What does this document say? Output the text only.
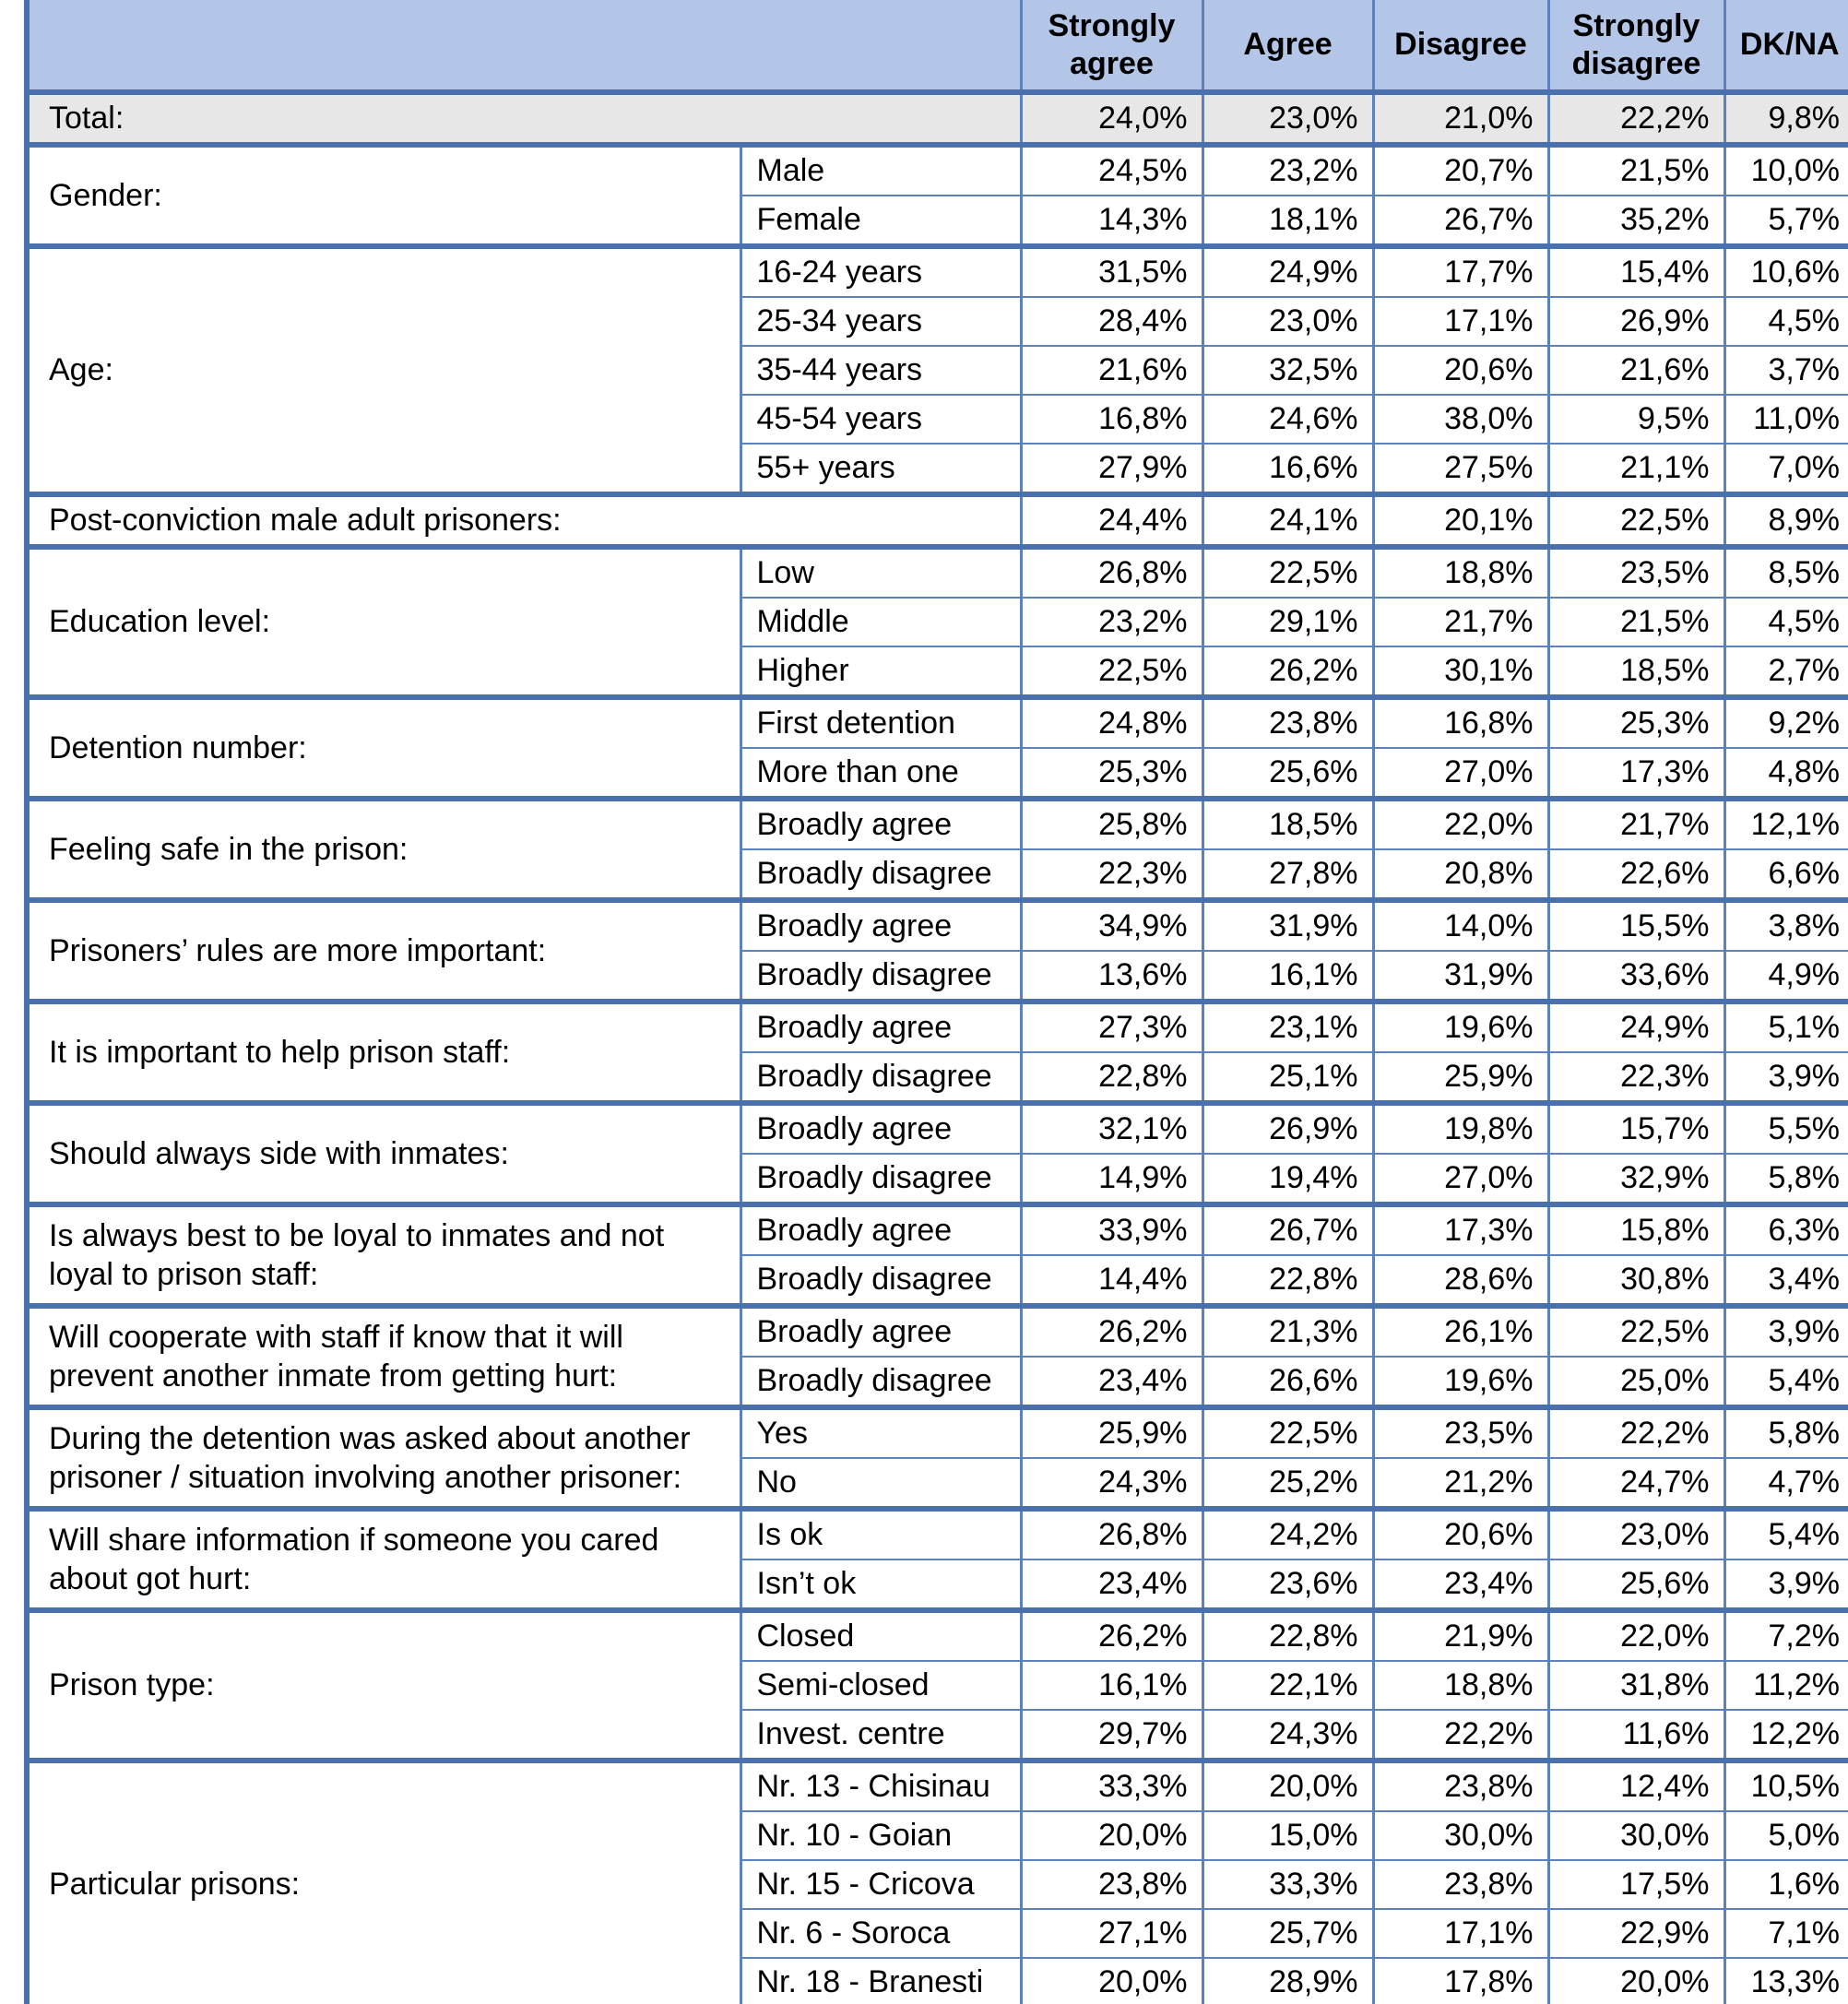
		Strongly agree	Agree	Disagree	Strongly disagree	DK/NA
Total:		24,0%	23,0%	21,0%	22,2%	9,8%
Gender:	Male	24,5%	23,2%	20,7%	21,5%	10,0%
	Female	14,3%	18,1%	26,7%	35,2%	5,7%
Age:	16-24 years	31,5%	24,9%	17,7%	15,4%	10,6%
	25-34 years	28,4%	23,0%	17,1%	26,9%	4,5%
	35-44 years	21,6%	32,5%	20,6%	21,6%	3,7%
	45-54 years	16,8%	24,6%	38,0%	9,5%	11,0%
	55+ years	27,9%	16,6%	27,5%	21,1%	7,0%
Post-conviction male adult prisoners:		24,4%	24,1%	20,1%	22,5%	8,9%
Education level:	Low	26,8%	22,5%	18,8%	23,5%	8,5%
	Middle	23,2%	29,1%	21,7%	21,5%	4,5%
	Higher	22,5%	26,2%	30,1%	18,5%	2,7%
Detention number:	First detention	24,8%	23,8%	16,8%	25,3%	9,2%
	More than one	25,3%	25,6%	27,0%	17,3%	4,8%
Feeling safe in the prison:	Broadly agree	25,8%	18,5%	22,0%	21,7%	12,1%
	Broadly disagree	22,3%	27,8%	20,8%	22,6%	6,6%
Prisoners’ rules are more important:	Broadly agree	34,9%	31,9%	14,0%	15,5%	3,8%
	Broadly disagree	13,6%	16,1%	31,9%	33,6%	4,9%
It is important to help prison staff:	Broadly agree	27,3%	23,1%	19,6%	24,9%	5,1%
	Broadly disagree	22,8%	25,1%	25,9%	22,3%	3,9%
Should always side with inmates:	Broadly agree	32,1%	26,9%	19,8%	15,7%	5,5%
	Broadly disagree	14,9%	19,4%	27,0%	32,9%	5,8%
Is always best to be loyal to inmates and not loyal to prison staff:	Broadly agree	33,9%	26,7%	17,3%	15,8%	6,3%
	Broadly disagree	14,4%	22,8%	28,6%	30,8%	3,4%
Will cooperate with staff if know that it will prevent another inmate from getting hurt:	Broadly agree	26,2%	21,3%	26,1%	22,5%	3,9%
	Broadly disagree	23,4%	26,6%	19,6%	25,0%	5,4%
During the detention was asked about another prisoner / situation involving another prisoner:	Yes	25,9%	22,5%	23,5%	22,2%	5,8%
	No	24,3%	25,2%	21,2%	24,7%	4,7%
Will share information if someone you cared about got hurt:	Is ok	26,8%	24,2%	20,6%	23,0%	5,4%
	Isn’t ok	23,4%	23,6%	23,4%	25,6%	3,9%
Prison type:	Closed	26,2%	22,8%	21,9%	22,0%	7,2%
	Semi-closed	16,1%	22,1%	18,8%	31,8%	11,2%
	Invest. centre	29,7%	24,3%	22,2%	11,6%	12,2%
Particular prisons:	Nr. 13 - Chisinau	33,3%	20,0%	23,8%	12,4%	10,5%
	Nr. 10 - Goian	20,0%	15,0%	30,0%	30,0%	5,0%
	Nr. 15 - Cricova	23,8%	33,3%	23,8%	17,5%	1,6%
	Nr. 6 - Soroca	27,1%	25,7%	17,1%	22,9%	7,1%
	Nr. 18 - Branesti	20,0%	28,9%	17,8%	20,0%	13,3%
